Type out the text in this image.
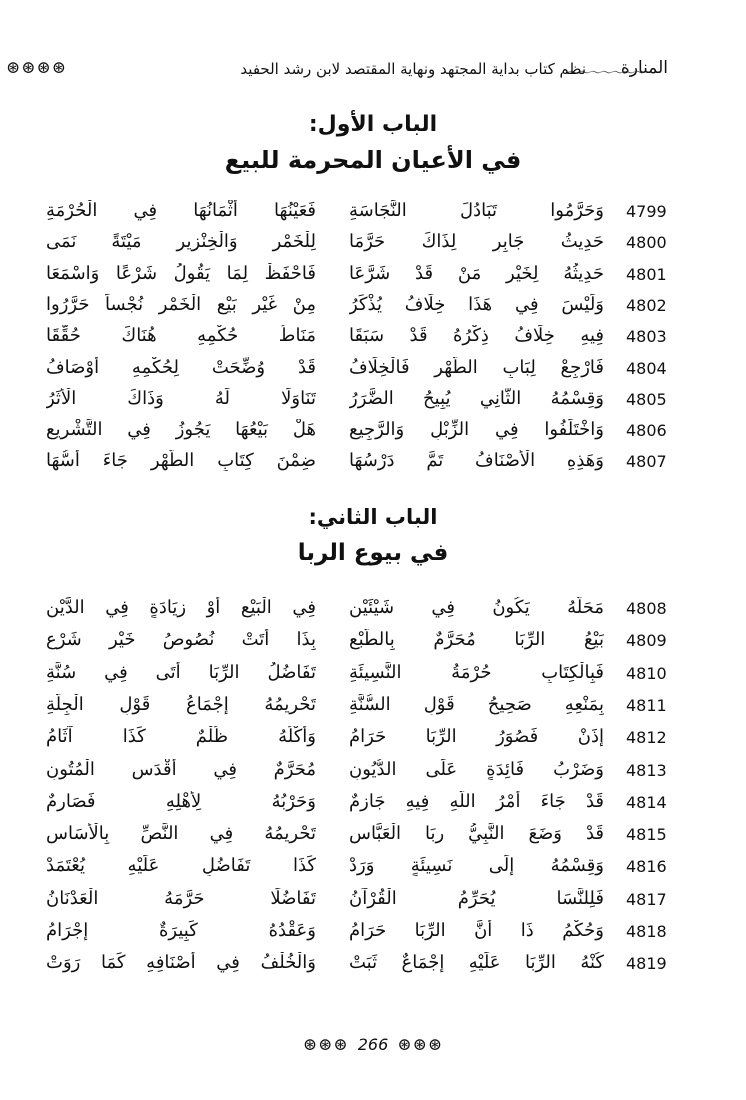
المنارة
〜〜〜〜〜〜〜
نظم كتاب بداية المجتهد ونهاية المقتصد لابن رشد الحفيد
⊛⊛⊛⊛
الباب الأول:
في الأعيان المحرمة للبيع
4799
وَحَرَّمُوا تَبَادُلَ النَّجَاسَةِ
فَعَيْنُهَا أَثْمَانُهَا فِي الْحُرْمَةِ
4800
حَدِيثُ جَابِرٍ لِذَاكَ حَرَّمَا
لِلْخَمْرِ وَالْخِنْزِيرِ مَيْتَةً نَمَى
4801
حَدِيثُهُ لِخَيْرِ مَنْ قَدْ شَرَّعَا
فَاحْفَظْ لِمَا يَقُولُ شَرْعًا وَاسْمَعَا
4802
وَلَيْسَ فِي هَذَا خِلَافُ يُذْكَرُ
مِنْ غَيْرِ بَيْعِ الْخَمْرِ نُجْساً حَرَّرُوا
4803
فِيهِ خِلَافُ ذِكْرُهُ قَدْ سَبَقَا
مَنَاطُ حُكْمِهِ هُنَاكَ حُقِّقَا
4804
فَارْجِعْ لِبَابِ الطُّهْرِ فَالْخِلَافُ
قَدْ وُضِّحَتْ لِحُكْمِهِ أَوْصَافُ
4805
وَقِسْمُهُ الثَّانِي يُبِيحُ الضَّرَرُ
تَنَاوَلَا لَهُ وَذَاكَ الْأَثَرُ
4806
وَاخْتَلَفُوا فِي الزِّبْلِ وَالرَّجِيعِ
هَلْ بَيْعُهَا يَجُوزُ فِي التَّشْرِيعِ
4807
وَهَذِهِ الْأَصْنَافُ تَمَّ دَرْسُهَا
ضِمْنَ كِتَابِ الطُّهْرِ جَاءَ أُسُّهَا
الباب الثاني:
في بيوع الربا
4808
مَحَلُّهُ يَكُونُ فِي شَيْئَيْنِ
فِي الْبَيْعِ أَوْ زِيَادَةٍ فِي الدَّيْنِ
4809
بَيْعُ الرِّبَا مُحَرَّمٌ بِالطَّبْعِ
بِذَا أَتَتْ نُصُوصُ خَيْرِ شَرْعِ
4810
فَبِالْكِتَابِ حُرْمَةُ النَّسِيئَةِ
تَفَاضُلُ الرِّبَا أَتَى فِي سُنَّةِ
4811
بِمَنْعِهِ صَحِيحُ قَوْلِ السُّنَّةِ
تَحْرِيمُهُ إِجْمَاعُ قَوْلِ الْجِلَّةِ
4812
إِذَنْ فَصُوَرُ الرِّبَا حَرَامُ
وَأَكْلُهُ ظُلْمٌ كَذَا آثَامُ
4813
وَضَرْبُ فَائِدَةٍ عَلَى الدُّيُونِ
مُحَرَّمٌ فِي أَقْدَسِ الْمُتُونِ
4814
قَدْ جَاءَ أَمْرُ اللَّهِ فِيهِ جَازِمٌ
وَحَرْبُهُ لِأَهْلِهِ فَصَارِمٌ
4815
قَدْ وَضَعَ النَّبِيُّ رِبَا الْعَبَّاسِ
تَحْرِيمُهُ فِي النَّصِّ بِالْأَسَاسِ
4816
وَقِسْمُهُ إِلَى نَسِيئَةٍ وَرَدْ
كَذَا تَفَاضُلٍ عَلَيْهِ يُعْتَمَدْ
4817
فَلِلنَّسَا يُحَرِّمُ الْقُرْآنُ
تَفَاضُلًا حَرَّمَهُ الْعَدْنَانُ
4818
وَحُكْمُ ذَا أَنَّ الرِّبَا حَرَامُ
وَعَقْدُهُ كَبِيرَةٌ إِجْرَامُ
4819
كُنْهُ الرِّبَا عَلَيْهِ إِجْمَاعٌ ثَبَتْ
وَالْخُلْفُ فِي أَصْنَافِهِ كَمَا رَوَتْ
⊛⊛⊛ 266 ⊛⊛⊛
